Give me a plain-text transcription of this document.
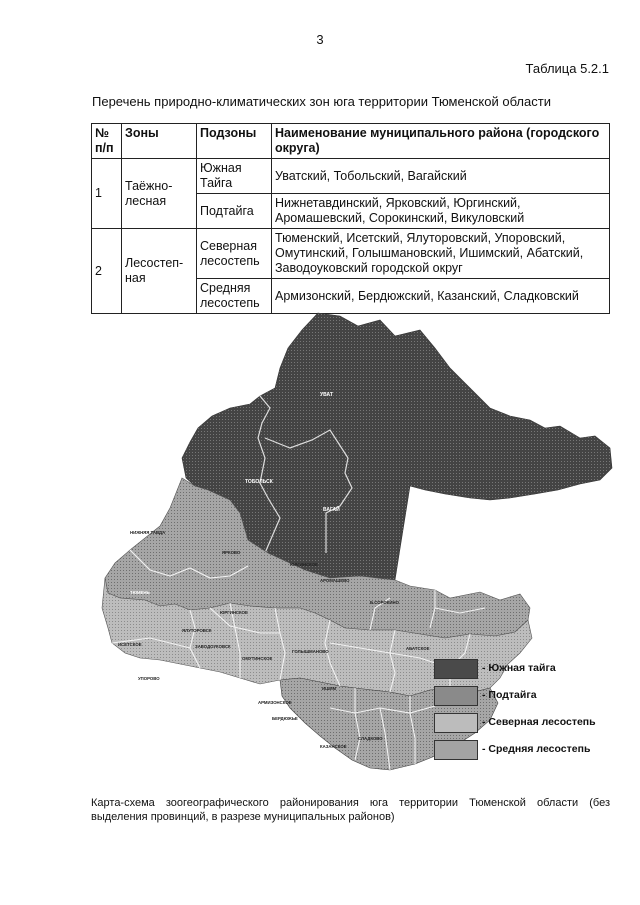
3
Таблица 5.2.1
Перечень природно-климатических зон юга территории Тюменской области
№ п/п	Зоны	Подзоны	Наименование муниципального района (городского округа)
1	Таёжно-лесная	Южная Тайга	Уватский, Тобольский, Вагайский
		Подтайга	Нижнетавдинский, Ярковский, Юргинский, Аромашевский, Сорокинский, Викуловский
2	Лесостеп-ная	Северная лесостепь	Тюменский, Исетский, Ялуторовский, Упоровский, Омутинский, Голышмановский, Ишимский, Абатский, Заводоуковский городской округ
		Средняя лесостепь	Армизонский, Бердюжский, Казанский, Сладковский
УВАТ
ТОБОЛЬСК
ВАГАЙ
НИЖНЯЯ ТАВДА
ЯРКОВО
ТЮМЕНЬ
ЮРГИНСКОЕ
ЮРГИНСКОЕ
АРОМАШЕВО
Б.СОРОКИНО
ЯЛУТОРОВСК
ЗАВОДОУКОВСК
ИСЕТСКОЕ
ОМУТИНСКОЕ
ГОЛЫШМАНОВО
УПОРОВО
АБАТСКОЕ
ИШИМ
АРМИЗОНСКОЕ
БЕРДЮЖЬЕ
КАЗАНСКОЕ
СЛАДКОВО
- Южная тайга
- Подтайга
- Северная лесостепь
- Средняя лесостепь
Карта-схема зоогеографического районирования юга территории Тюменской области (без выделения провинций, в разрезе муниципальных районов)
